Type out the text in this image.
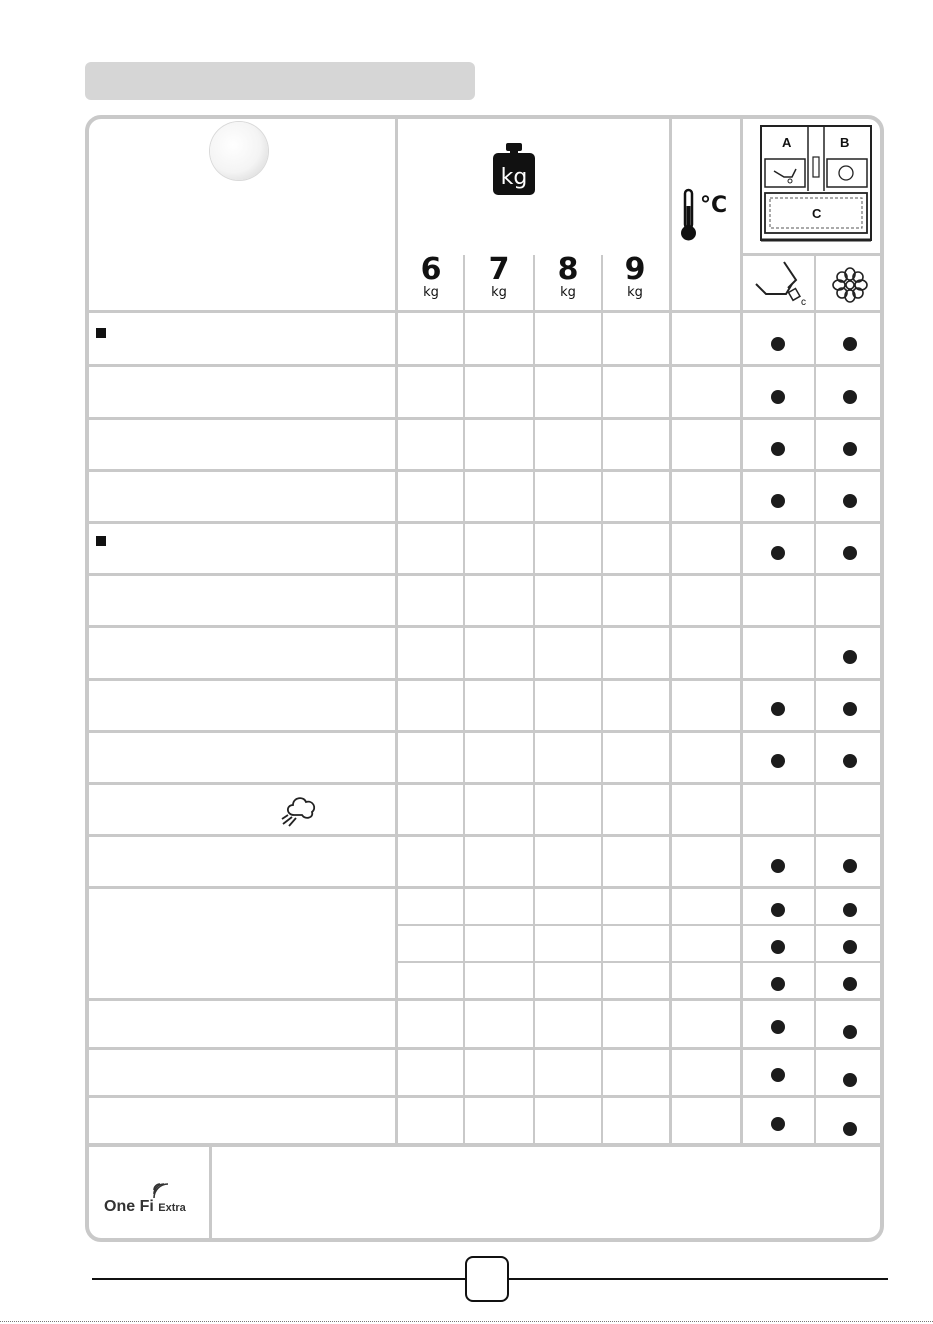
kg
6
kg
7
kg
8
kg
9
kg
°C
A	B
C
c
One Fi Extra
